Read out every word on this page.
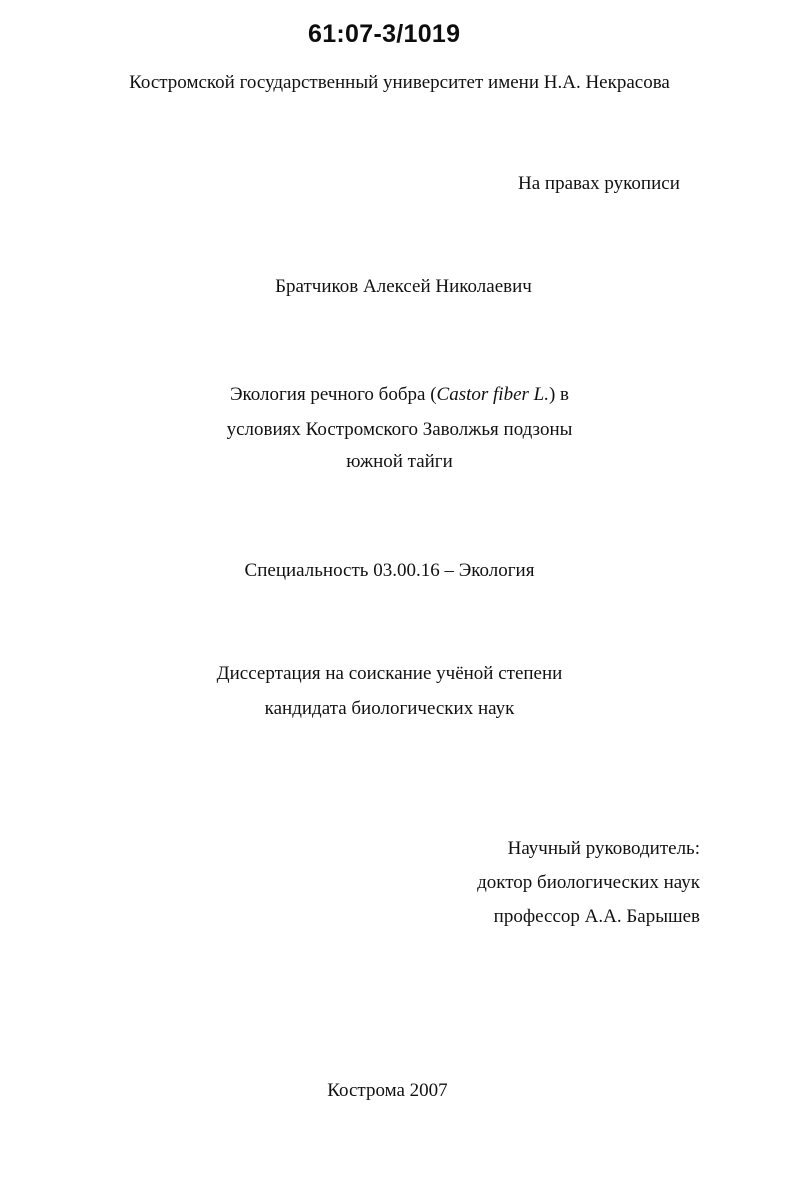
61:07-3/1019
Костромской государственный университет имени Н.А. Некрасова
На правах рукописи
Братчиков Алексей Николаевич
Экология речного бобра (Castor fiber L.) в
условиях Костромского Заволжья подзоны
южной тайги
Специальность 03.00.16 – Экология
Диссертация на соискание учёной степени
кандидата биологических наук
Научный руководитель:
доктор биологических наук
профессор А.А. Барышев
Кострома 2007
